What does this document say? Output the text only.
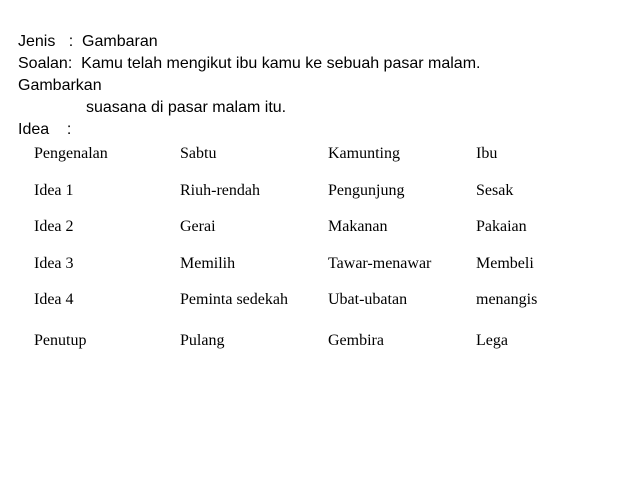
Jenis   :  Gambaran
Soalan:  Kamu telah mengikut ibu kamu ke sebuah pasar malam.
Gambarkan
suasana di pasar malam itu.
Idea    :
Pengenalan	Sabtu	Kamunting	Ibu
Idea 1	Riuh-rendah	Pengunjung	Sesak
Idea 2	Gerai	Makanan	Pakaian
Idea 3	Memilih	Tawar-menawar	Membeli
Idea 4	Peminta sedekah	Ubat-ubatan	menangis
Penutup	Pulang	Gembira	Lega
